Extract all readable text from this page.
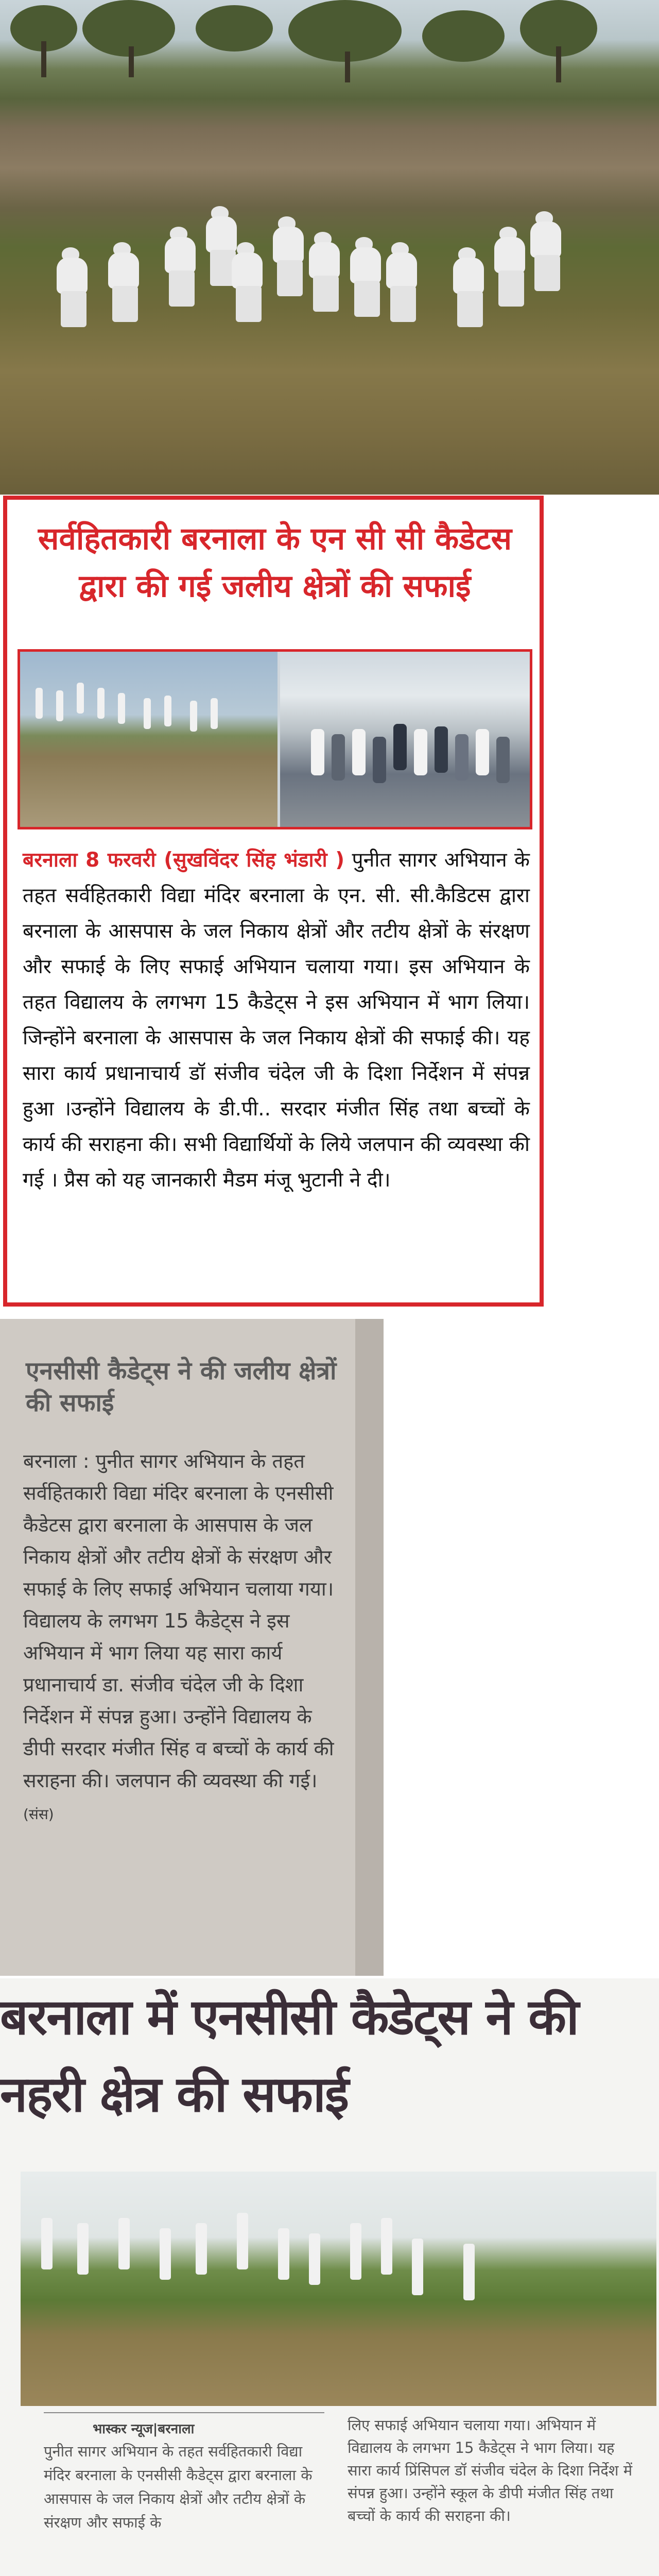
सर्वहितकारी बरनाला के एन सी सी कैडेटस द्वारा की गई जलीय क्षेत्रों की सफाई

बरनाला 8 फरवरी (सुखविंदर सिंह भंडारी ) पुनीत सागर अभियान के तहत सर्वहितकारी विद्या मंदिर बरनाला के एन. सी. सी.कैडिटस द्वारा बरनाला के आसपास के जल निकाय क्षेत्रों और तटीय क्षेत्रों के संरक्षण और सफाई के लिए सफाई अभियान चलाया गया। इस अभियान के तहत विद्यालय के लगभग 15 कैडेट्स ने इस अभियान में भाग लिया। जिन्होंने बरनाला के आसपास के जल निकाय क्षेत्रों की सफाई की। यह सारा कार्य प्रधानाचार्य डॉ संजीव चंदेल जी के दिशा निर्देशन में संपन्न हुआ ।उन्होंने विद्यालय के डी.पी.. सरदार मंजीत सिंह तथा बच्चों के कार्य की सराहना की। सभी विद्यार्थियों के लिये जलपान की व्यवस्था की गई । प्रैस को यह जानकारी मैडम मंजू भुटानी ने दी।

एनसीसी कैडेट्स ने की जलीय क्षेत्रों की सफाई

बरनाला : पुनीत सागर अभियान के तहत सर्वहितकारी विद्या मंदिर बरनाला के एनसीसी कैडेटस द्वारा बरनाला के आसपास के जल निकाय क्षेत्रों और तटीय क्षेत्रों के संरक्षण और सफाई के लिए सफाई अभियान चलाया गया। विद्यालय के लगभग 15 कैडेट्स ने इस अभियान में भाग लिया यह सारा कार्य प्रधानाचार्य डा. संजीव चंदेल जी के दिशा निर्देशन में संपन्न हुआ। उन्होंने विद्यालय के डीपी सरदार मंजीत सिंह व बच्चों के कार्य की सराहना की। जलपान की व्यवस्था की गई। (संस)

बरनाला में एनसीसी कैडेट्स ने की नहरी क्षेत्र की सफाई

भास्कर न्यूज|बरनाला

पुनीत सागर अभियान के तहत सर्वहितकारी विद्या मंदिर बरनाला के एनसीसी कैडेट्स द्वारा बरनाला के आसपास के जल निकाय क्षेत्रों और तटीय क्षेत्रों के संरक्षण और सफाई के

लिए सफाई अभियान चलाया गया। अभियान में विद्यालय के लगभग 15 कैडेट्स ने भाग लिया। यह सारा कार्य प्रिंसिपल डॉ संजीव चंदेल के दिशा निर्देश में संपन्न हुआ। उन्होंने स्कूल के डीपी मंजीत सिंह तथा बच्चों के कार्य की सराहना की।
